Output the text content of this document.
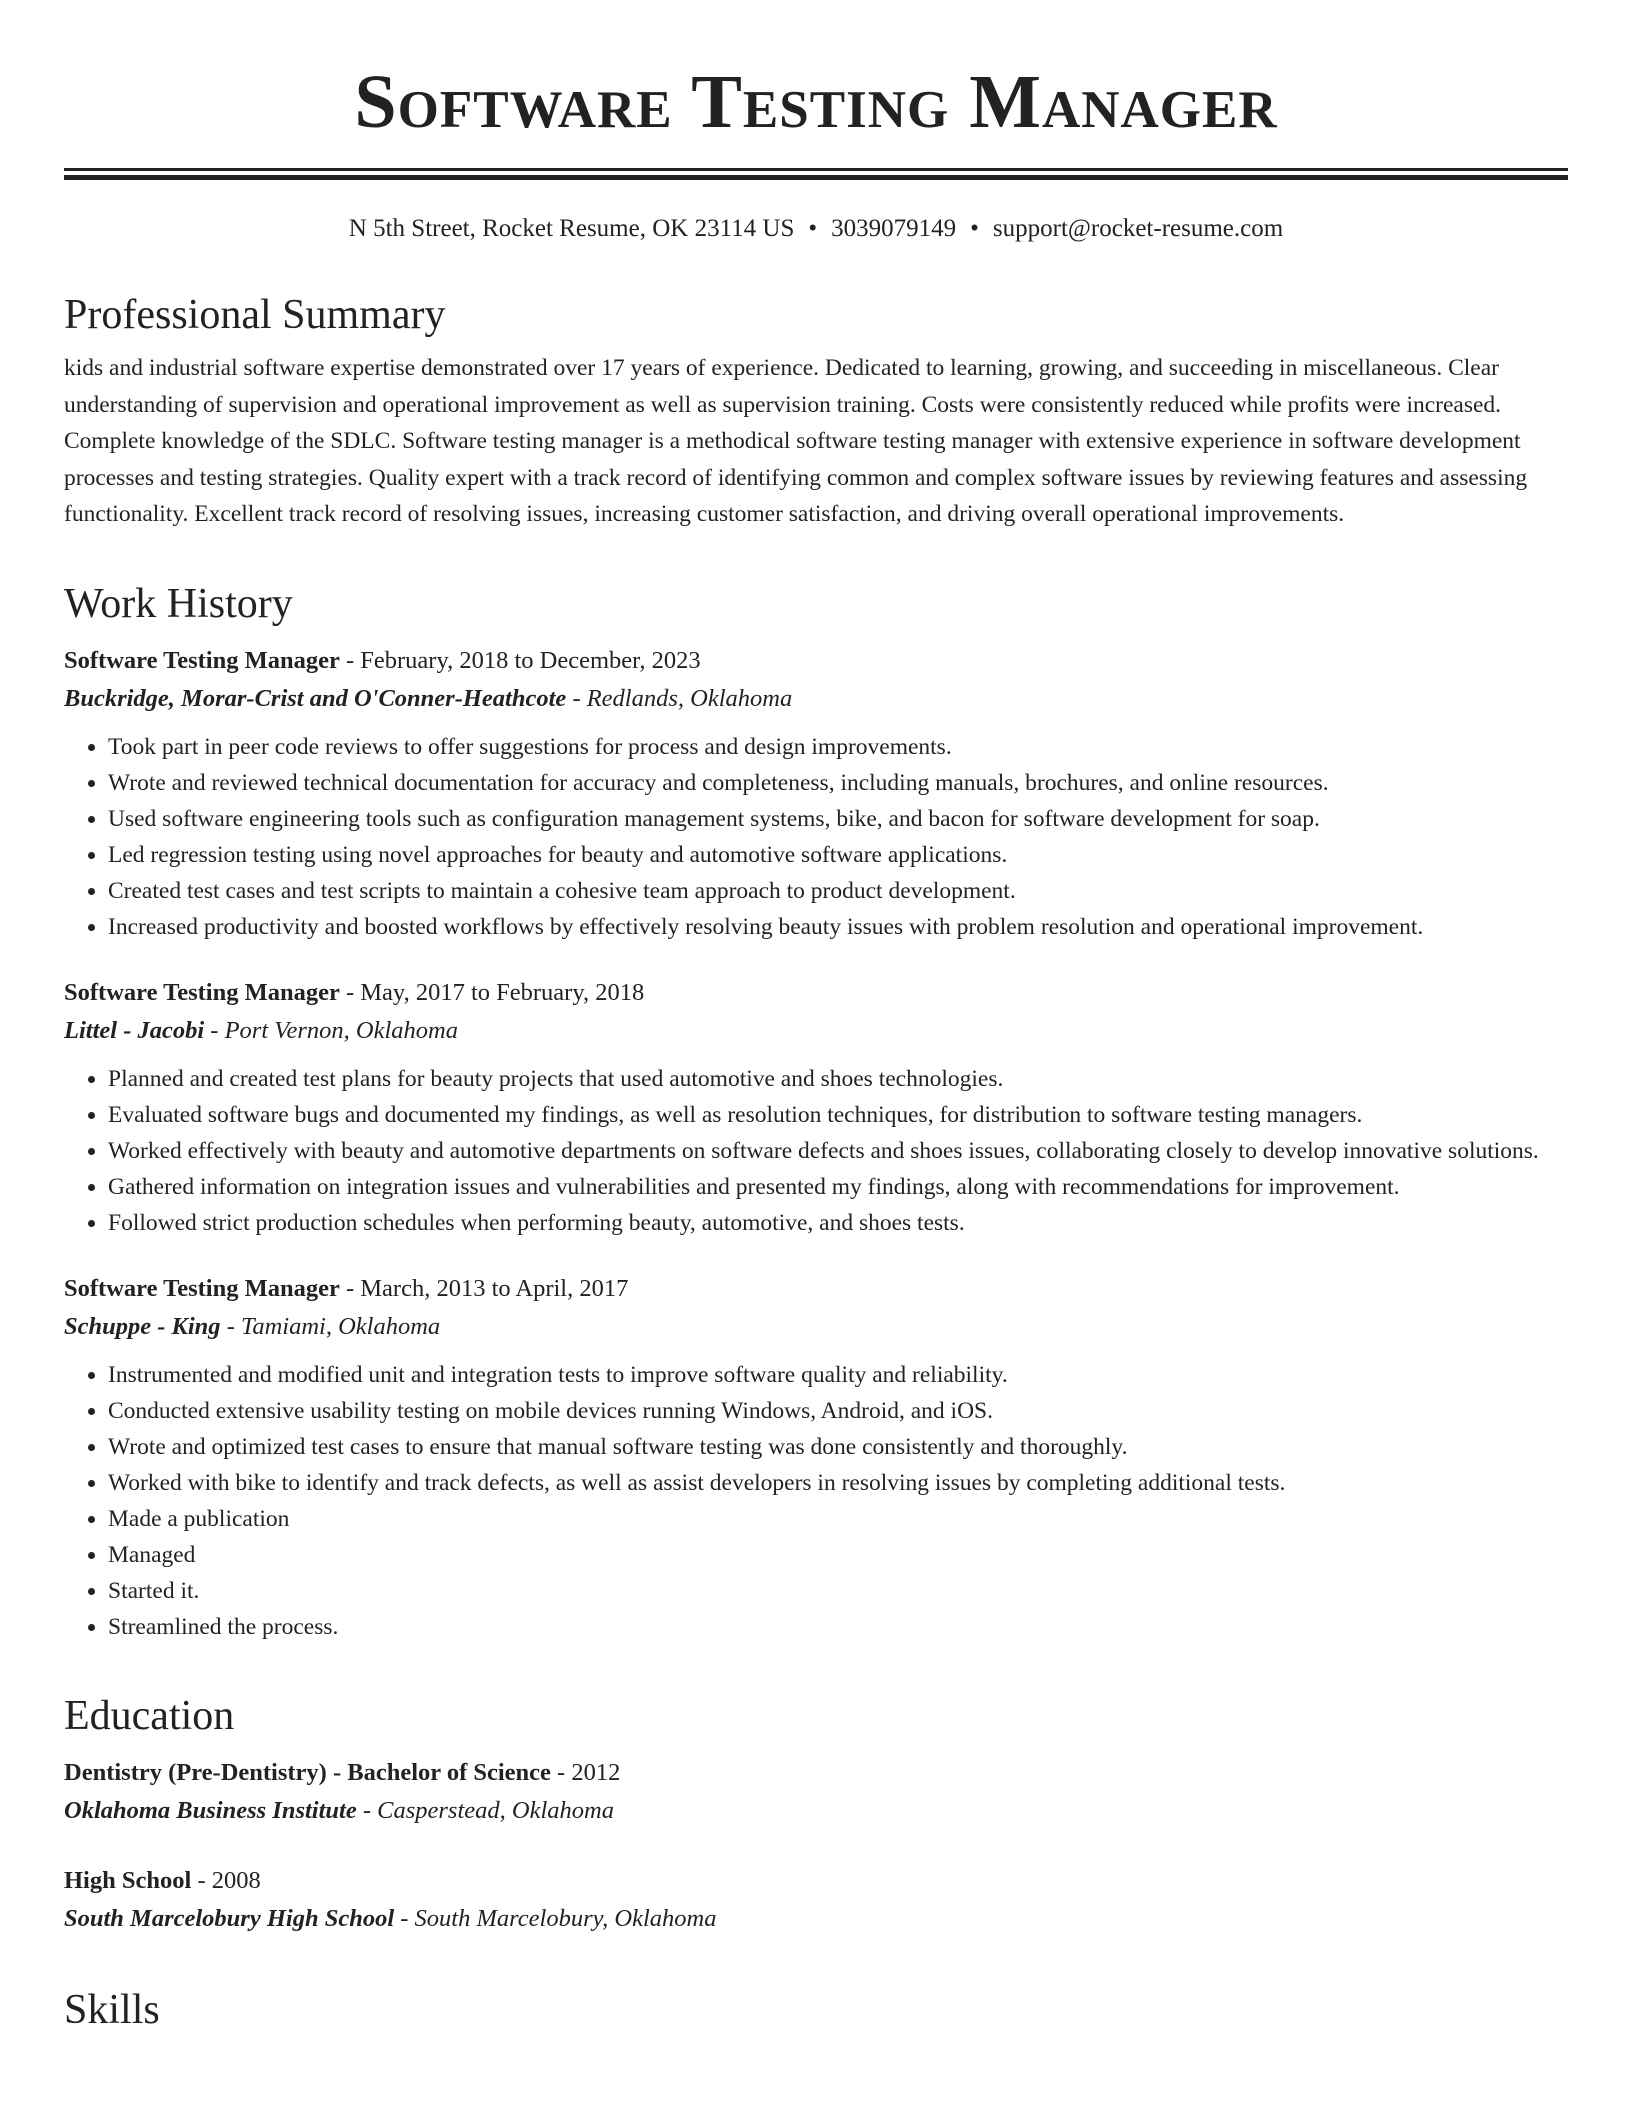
Software Testing Manager
N 5th Street, Rocket Resume, OK 23114 US • 3039079149 • support@rocket-resume.com
Professional Summary

kids and industrial software expertise demonstrated over 17 years of experience. Dedicated to learning, growing, and succeeding in miscellaneous. Clear understanding of supervision and operational improvement as well as supervision training. Costs were consistently reduced while profits were increased. Complete knowledge of the SDLC. Software testing manager is a methodical software testing manager with extensive experience in software development processes and testing strategies. Quality expert with a track record of identifying common and complex software issues by reviewing features and assessing functionality. Excellent track record of resolving issues, increasing customer satisfaction, and driving overall operational improvements.

Work History

Software Testing Manager - February, 2018 to December, 2023

Buckridge, Morar-Crist and O'Conner-Heathcote - Redlands, Oklahoma

• Took part in peer code reviews to offer suggestions for process and design improvements.
• Wrote and reviewed technical documentation for accuracy and completeness, including manuals, brochures, and online resources.
• Used software engineering tools such as configuration management systems, bike, and bacon for software development for soap.
• Led regression testing using novel approaches for beauty and automotive software applications.
• Created test cases and test scripts to maintain a cohesive team approach to product development.
• Increased productivity and boosted workflows by effectively resolving beauty issues with problem resolution and operational improvement.

Software Testing Manager - May, 2017 to February, 2018

Littel - Jacobi - Port Vernon, Oklahoma

• Planned and created test plans for beauty projects that used automotive and shoes technologies.
• Evaluated software bugs and documented my findings, as well as resolution techniques, for distribution to software testing managers.
• Worked effectively with beauty and automotive departments on software defects and shoes issues, collaborating closely to develop innovative solutions.
• Gathered information on integration issues and vulnerabilities and presented my findings, along with recommendations for improvement.
• Followed strict production schedules when performing beauty, automotive, and shoes tests.

Software Testing Manager - March, 2013 to April, 2017

Schuppe - King - Tamiami, Oklahoma

• Instrumented and modified unit and integration tests to improve software quality and reliability.
• Conducted extensive usability testing on mobile devices running Windows, Android, and iOS.
• Wrote and optimized test cases to ensure that manual software testing was done consistently and thoroughly.
• Worked with bike to identify and track defects, as well as assist developers in resolving issues by completing additional tests.
• Made a publication
• Managed
• Started it.
• Streamlined the process.
Education

Dentistry (Pre-Dentistry) - Bachelor of Science - 2012

Oklahoma Business Institute - Casperstead, Oklahoma

High School - 2008

South Marcelobury High School - South Marcelobury, Oklahoma

Skills
